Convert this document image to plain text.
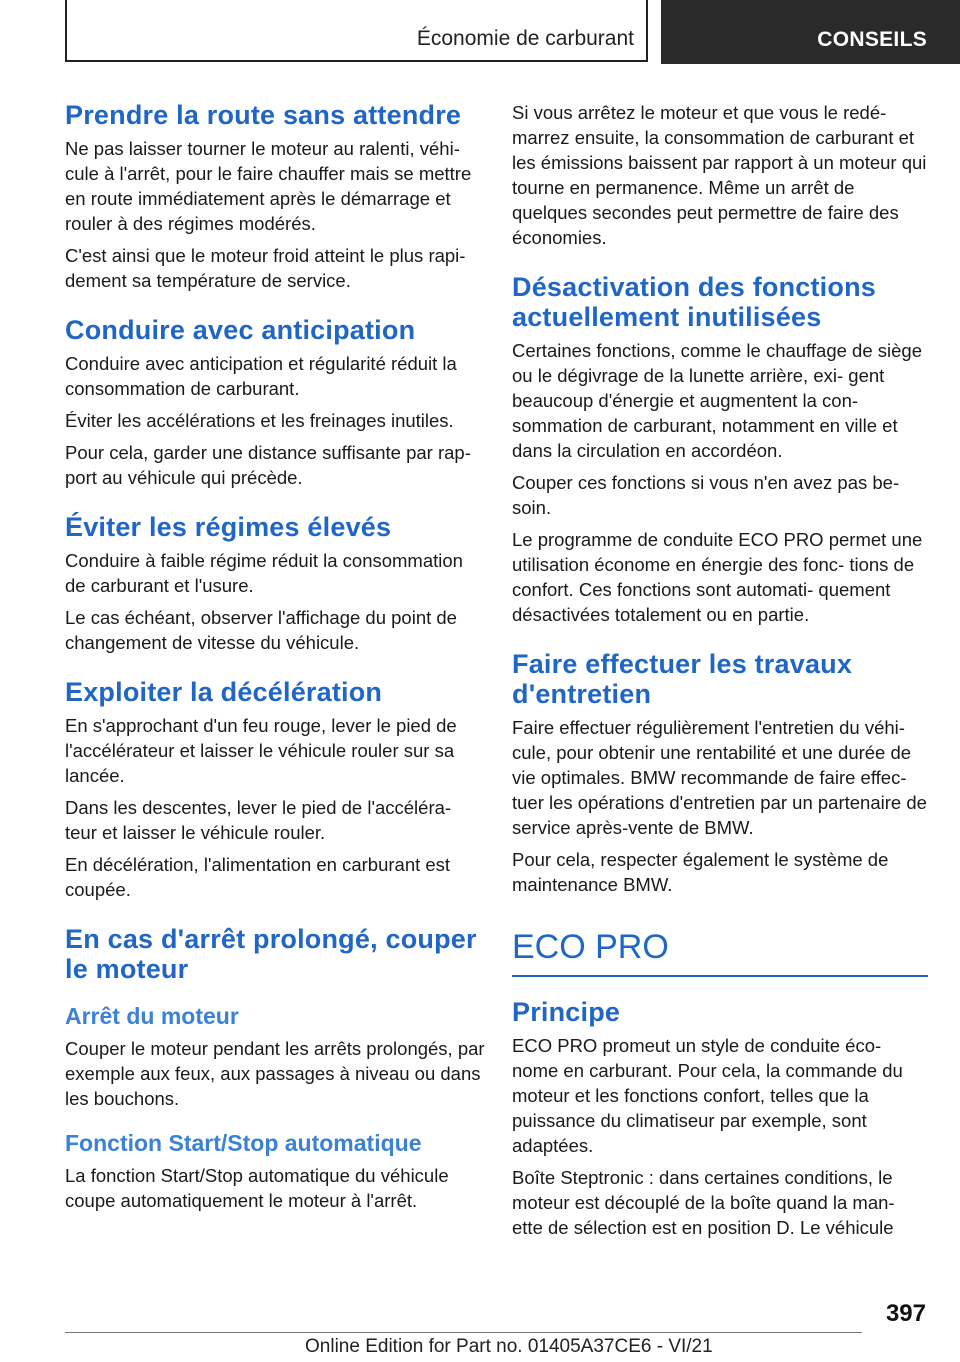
Économie de carburant	CONSEILS
Prendre la route sans attendre

Ne pas laisser tourner le moteur au ralenti, véhi- cule à l'arrêt, pour le faire chauffer mais se mettre en route immédiatement après le démarrage et rouler à des régimes modérés.

C'est ainsi que le moteur froid atteint le plus rapi- dement sa température de service.

Conduire avec anticipation

Conduire avec anticipation et régularité réduit la consommation de carburant.

Éviter les accélérations et les freinages inutiles.

Pour cela, garder une distance suffisante par rap- port au véhicule qui précède.

Éviter les régimes élevés

Conduire à faible régime réduit la consommation de carburant et l'usure.

Le cas échéant, observer l'affichage du point de changement de vitesse du véhicule.

Exploiter la décélération

En s'approchant d'un feu rouge, lever le pied de l'accélérateur et laisser le véhicule rouler sur sa lancée.

Dans les descentes, lever le pied de l'accéléra- teur et laisser le véhicule rouler.

En décélération, l'alimentation en carburant est coupée.

En cas d'arrêt prolongé, couper le moteur
Arrêt du moteur

Couper le moteur pendant les arrêts prolongés, par exemple aux feux, aux passages à niveau ou dans les bouchons.

Fonction Start/Stop automatique

La fonction Start/Stop automatique du véhicule coupe automatiquement le moteur à l'arrêt.

Si vous arrêtez le moteur et que vous le redé- marrez ensuite, la consommation de carburant et les émissions baissent par rapport à un moteur qui tourne en permanence. Même un arrêt de quelques secondes peut permettre de faire des économies.

Désactivation des fonctions actuellement inutilisées

Certaines fonctions, comme le chauffage de siège ou le dégivrage de la lunette arrière, exi- gent beaucoup d'énergie et augmentent la con- sommation de carburant, notamment en ville et dans la circulation en accordéon.

Couper ces fonctions si vous n'en avez pas be- soin.

Le programme de conduite ECO PRO permet une utilisation économe en énergie des fonc- tions de confort. Ces fonctions sont automati- quement désactivées totalement ou en partie.

Faire effectuer les travaux d'entretien

Faire effectuer régulièrement l'entretien du véhi- cule, pour obtenir une rentabilité et une durée de vie optimales. BMW recommande de faire effec- tuer les opérations d'entretien par un partenaire de service après-vente de BMW.

Pour cela, respecter également le système de maintenance BMW.

ECO PRO
Principe

ECO PRO promeut un style de conduite éco- nome en carburant. Pour cela, la commande du moteur et les fonctions confort, telles que la puissance du climatiseur par exemple, sont adaptées.

Boîte Steptronic : dans certaines conditions, le moteur est découplé de la boîte quand la man- ette de sélection est en position D. Le véhicule

397
Online Edition for Part no. 01405A37CE6 - VI/21
